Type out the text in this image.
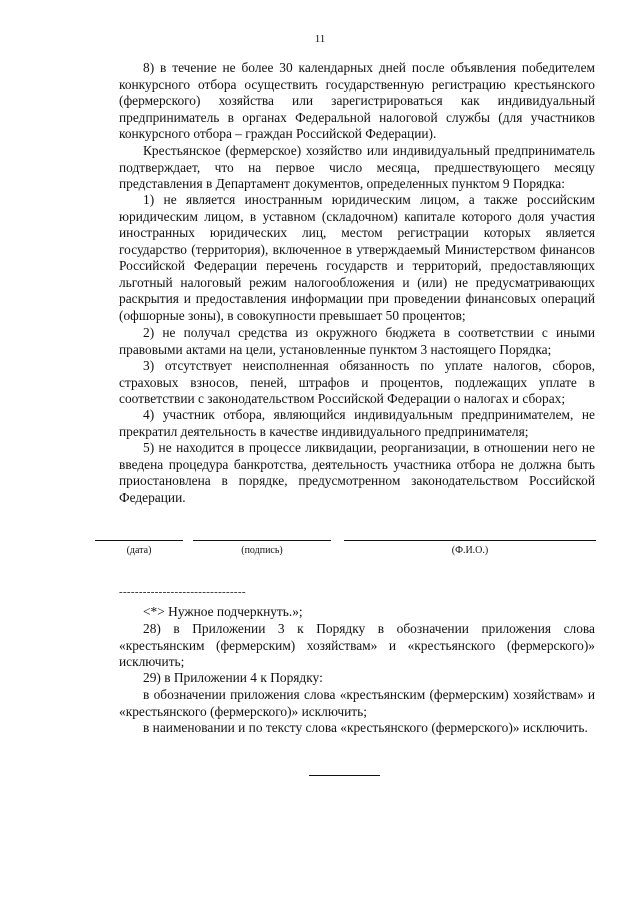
11

8) в течение не более 30 календарных дней после объявления победителем конкурсного отбора осуществить государственную регистрацию крестьянского (фермерского) хозяйства или зарегистрироваться как индивидуальный предприниматель в органах Федеральной налоговой службы (для участников конкурсного отбора – граждан Российской Федерации).

Крестьянское (фермерское) хозяйство или индивидуальный предприниматель подтверждает, что на первое число месяца, предшествующего месяцу представления в Департамент документов, определенных пунктом 9 Порядка:

1) не является иностранным юридическим лицом, а также российским юридическим лицом, в уставном (складочном) капитале которого доля участия иностранных юридических лиц, местом регистрации которых является государство (территория), включенное в утверждаемый Министерством финансов Российской Федерации перечень государств и территорий, предоставляющих льготный налоговый режим налогообложения и (или) не предусматривающих раскрытия и предоставления информации при проведении финансовых операций (офшорные зоны), в совокупности превышает 50 процентов;

2) не получал средства из окружного бюджета в соответствии с иными правовыми актами на цели, установленные пунктом 3 настоящего Порядка;

3) отсутствует неисполненная обязанность по уплате налогов, сборов, страховых взносов, пеней, штрафов и процентов, подлежащих уплате в соответствии с законодательством Российской Федерации о налогах и сборах;

4) участник отбора, являющийся индивидуальным предпринимателем, не прекратил деятельность в качестве индивидуального предпринимателя;

5) не находится в процессе ликвидации, реорганизации, в отношении него не введена процедура банкротства, деятельность участника отбора не должна быть приостановлена в порядке, предусмотренном законодательством Российской Федерации.

(дата)	(подпись)	(Ф.И.О.)
--------------------------------

<*> Нужное подчеркнуть.»;

28) в Приложении 3 к Порядку в обозначении приложения слова «крестьянским (фермерским) хозяйствам» и «крестьянского (фермерского)» исключить;

29) в Приложении 4 к Порядку:

в обозначении приложения слова «крестьянским (фермерским) хозяйствам» и «крестьянского (фермерского)» исключить;

в наименовании и по тексту слова «крестьянского (фермерского)» исключить.
